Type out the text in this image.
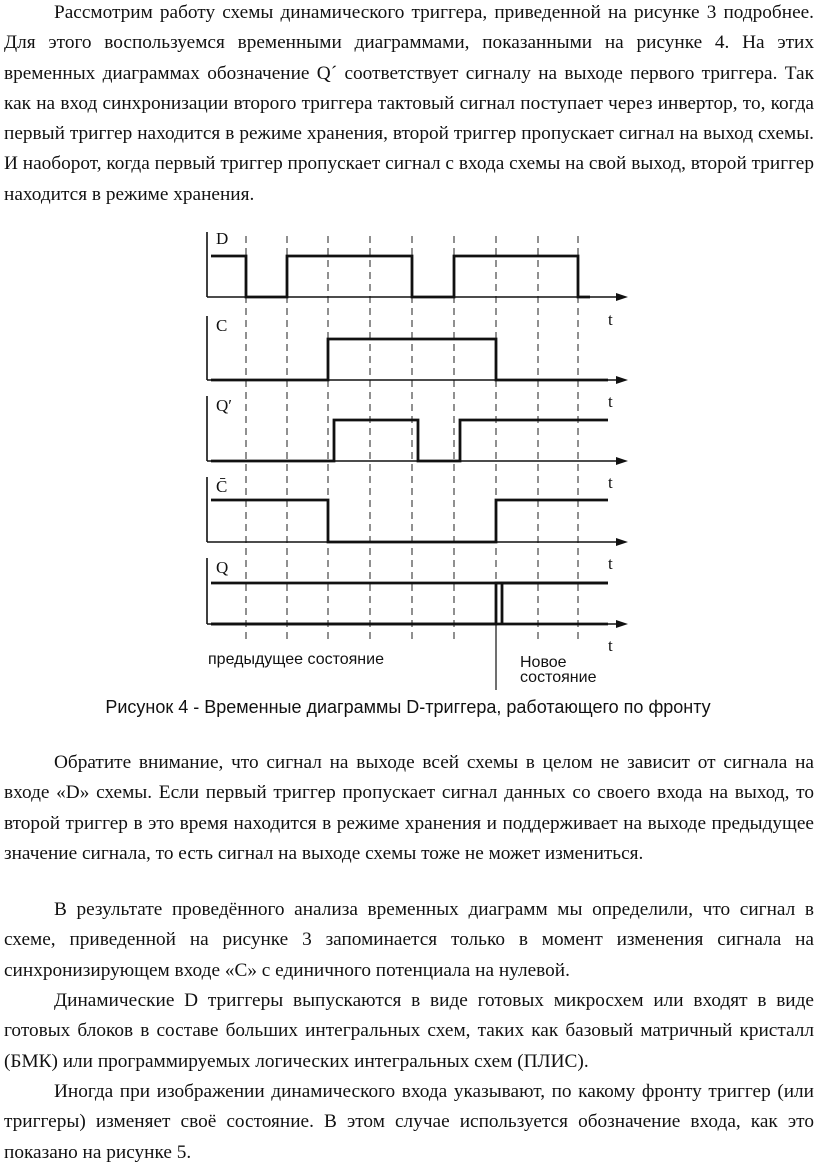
Рассмотрим работу схемы динамического триггера, приведенной на рисунке 3 подробнее. Для этого воспользуемся временными диаграммами, показанными на рисунке 4. На этих временных диаграммах обозначение Q´ соответствует сигналу на выходе первого триггера. Так как на вход синхронизации второго триггера тактовый сигнал поступает через инвертор, то, когда первый триггер находится в режиме хранения, второй триггер пропускает сигнал на выход схемы. И наоборот, когда первый триггер пропускает сигнал с входа схемы на свой выход, второй триггер находится в режиме хранения.

D
C
Q′
C̄
Q
t
t
t
t
t
предыдущее состояние	Новое
состояние

Рисунок 4 - Временные диаграммы D-триггера, работающего по фронту

Обратите внимание, что сигнал на выходе всей схемы в целом не зависит от сигнала на входе «D» схемы. Если первый триггер пропускает сигнал данных со своего входа на выход, то второй триггер в это время находится в режиме хранения и поддерживает на выходе предыдущее значение сигнала, то есть сигнал на выходе схемы тоже не может измениться.

В результате проведённого анализа временных диаграмм мы определили, что сигнал в схеме, приведенной на рисунке 3 запоминается только в момент изменения сигнала на синхронизирующем входе «С» с единичного потенциала на нулевой.

Динамические D триггеры выпускаются в виде готовых микросхем или входят в виде готовых блоков в составе больших интегральных схем, таких как базовый матричный кристалл (БМК) или программируемых логических интегральных схем (ПЛИС).

Иногда при изображении динамического входа указывают, по какому фронту триггер (или триггеры) изменяет своё состояние. В этом случае используется обозначение входа, как это показано на рисунке 5.
